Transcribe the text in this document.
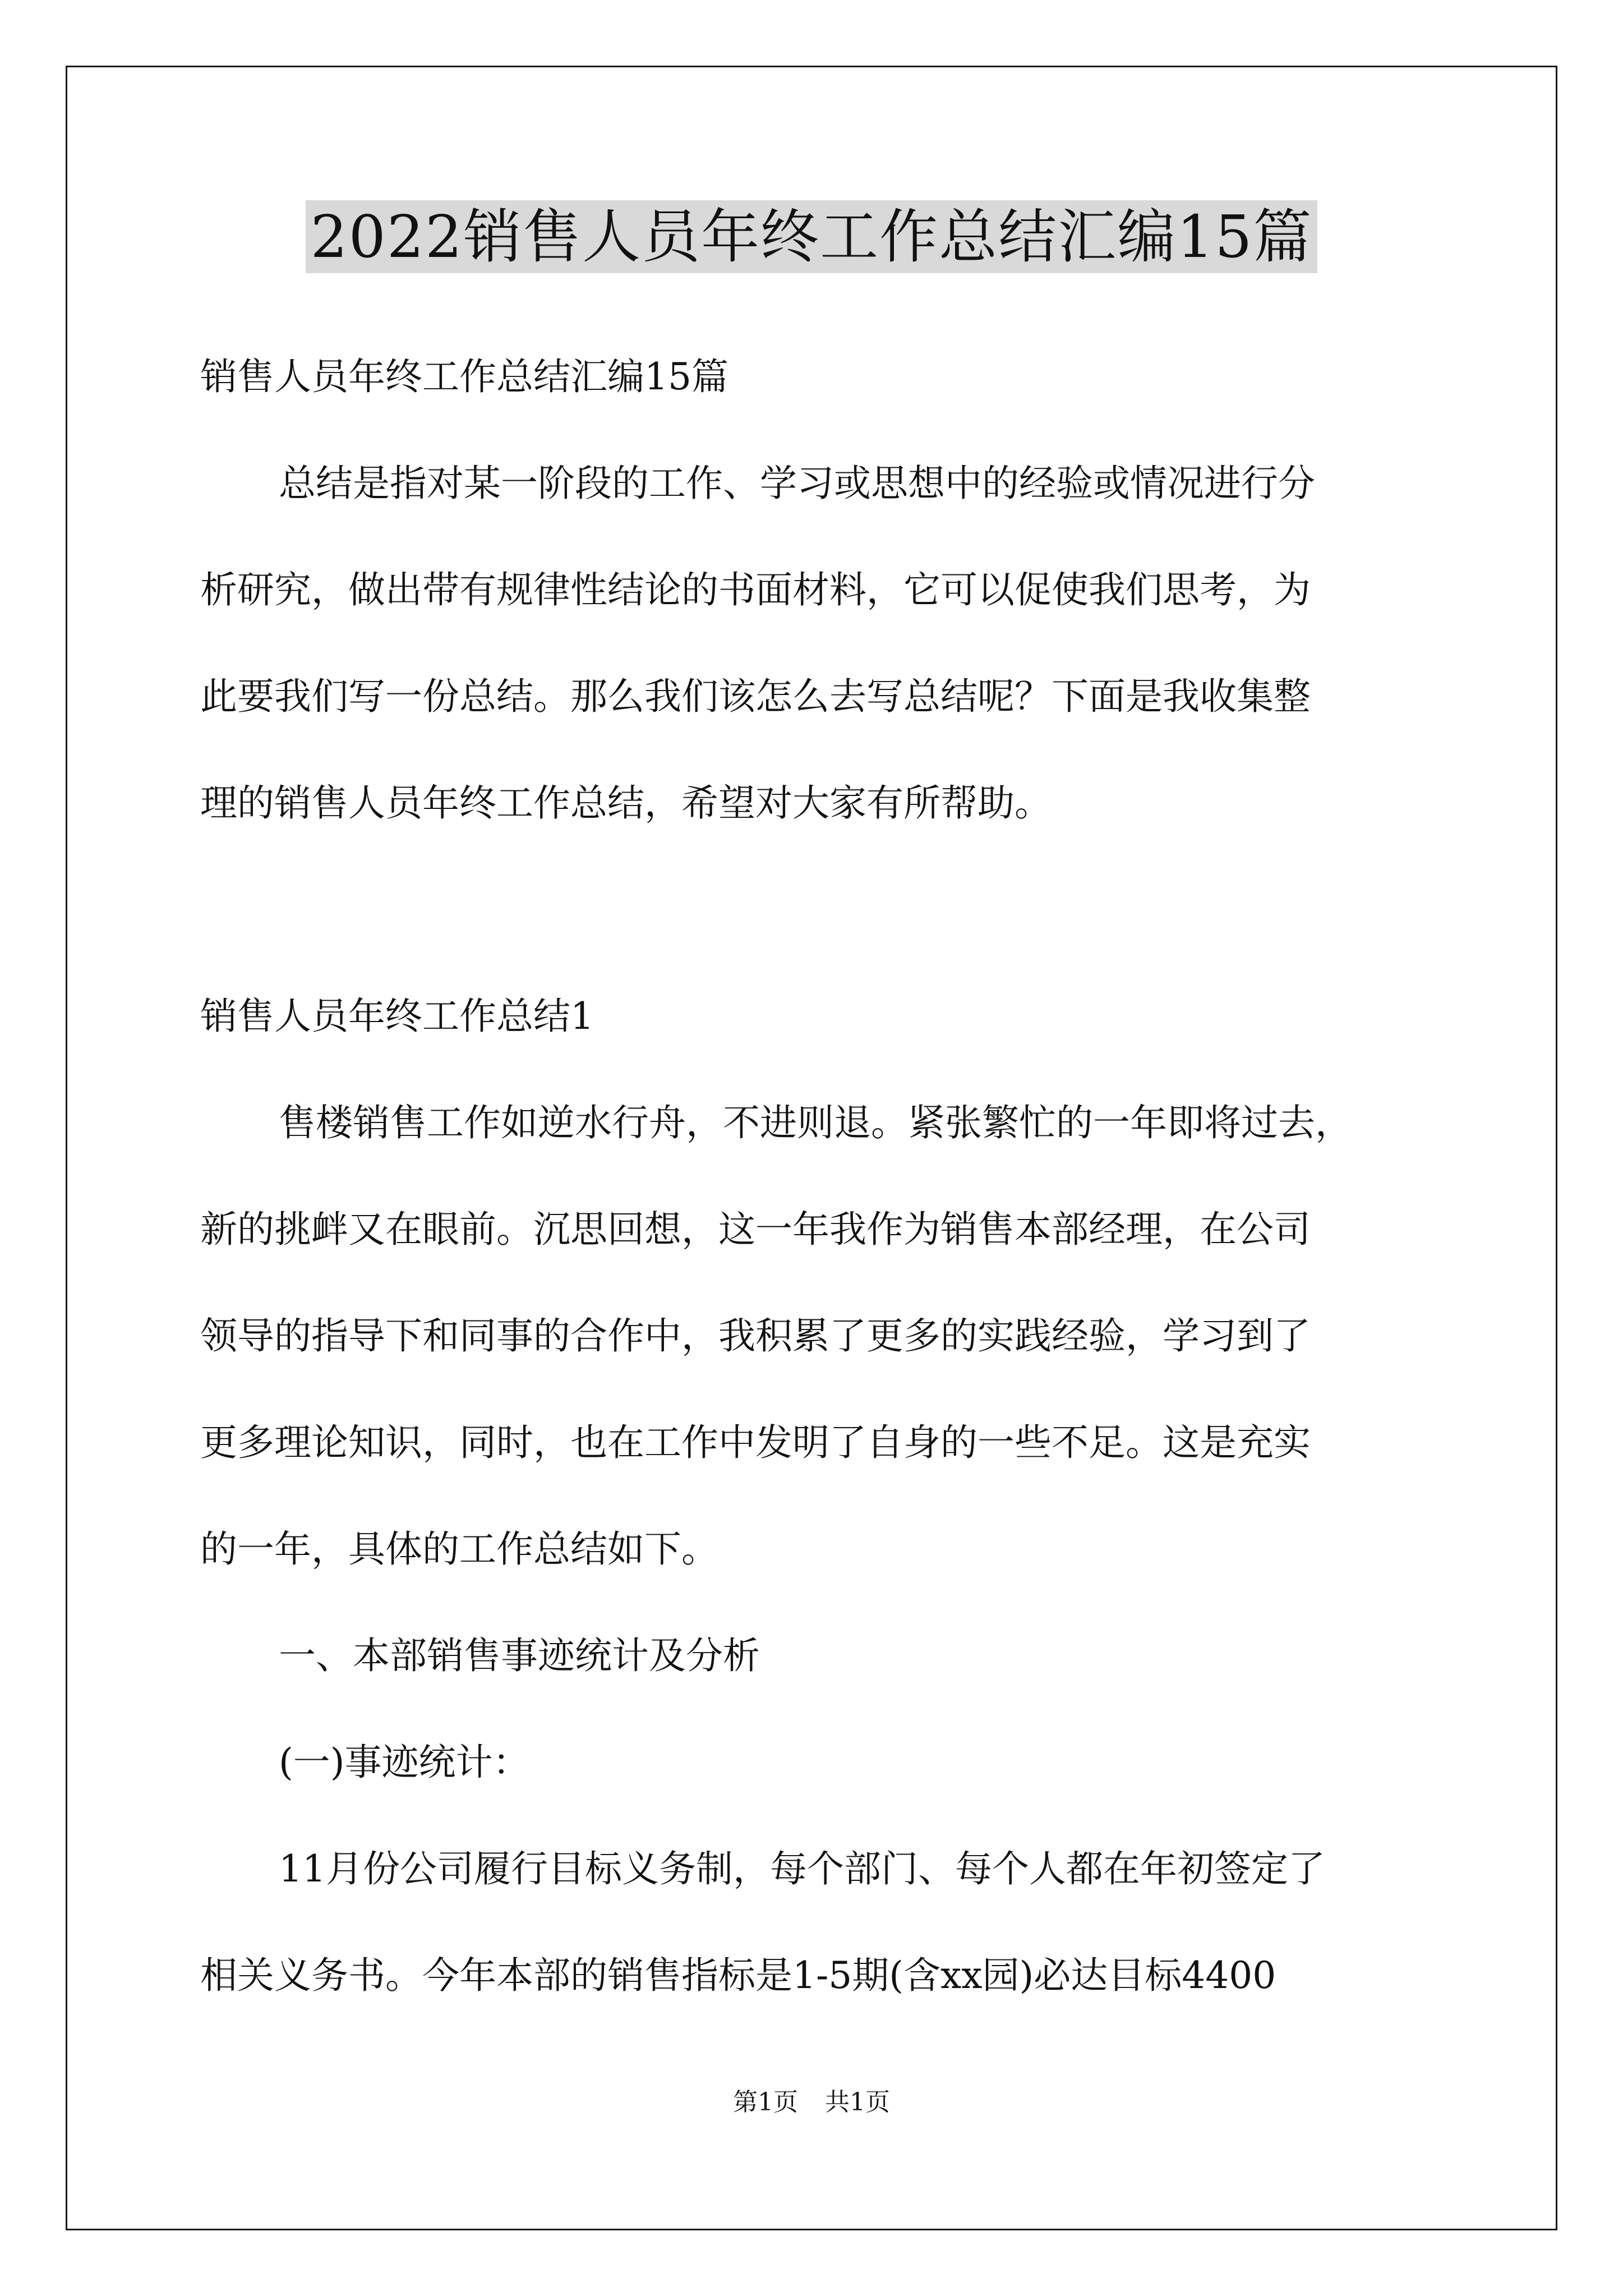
2022销售人员年终工作总结汇编15篇

销售人员年终工作总结汇编15篇

总结是指对某一阶段的工作、学习或思想中的经验或情况进行分
析研究，做出带有规律性结论的书面材料，它可以促使我们思考，为
此要我们写一份总结。那么我们该怎么去写总结呢？下面是我收集整
理的销售人员年终工作总结，希望对大家有所帮助。

销售人员年终工作总结1

售楼销售工作如逆水行舟，不进则退。紧张繁忙的一年即将过去，
新的挑衅又在眼前。沉思回想，这一年我作为销售本部经理，在公司
领导的指导下和同事的合作中，我积累了更多的实践经验，学习到了
更多理论知识，同时，也在工作中发明了自身的一些不足。这是充实
的一年，具体的工作总结如下。

一、本部销售事迹统计及分析

(一)事迹统计：

11月份公司履行目标义务制，每个部门、每个人都在年初签定了
相关义务书。今年本部的销售指标是1-5期(含xx园)必达目标4400

第1页 共1页
